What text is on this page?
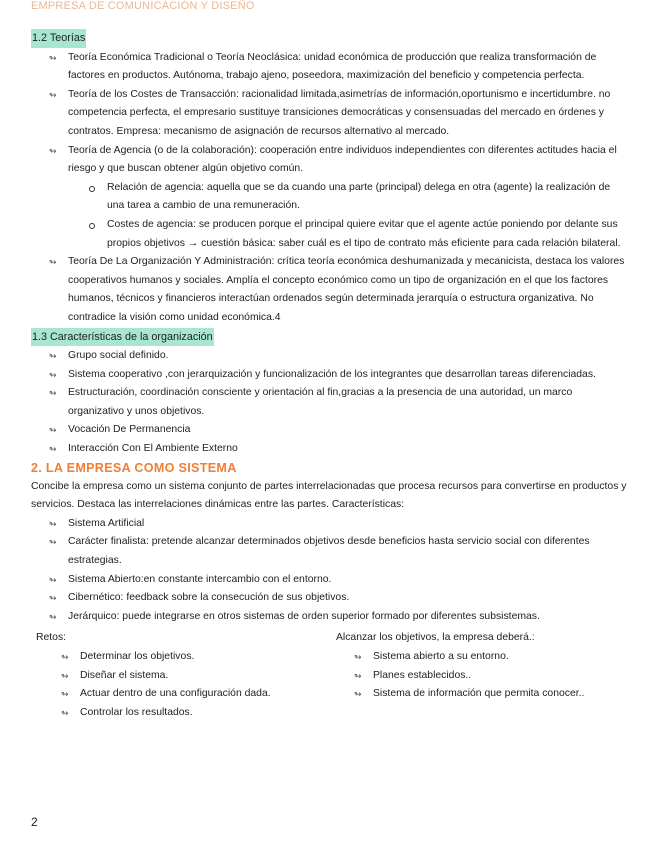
EMPRESA DE COMUNICACIÓN Y DISEÑO
1.2 Teorías
↬ Teoría Económica Tradicional o Teoría Neoclásica: unidad económica de producción que realiza transformación de factores en productos. Autónoma, trabajo ajeno, poseedora, maximización del beneficio y competencia perfecta.
↬ Teoría de los Costes de Transacción: racionalidad limitada,asimetrías de información,oportunismo e incertidumbre. no competencia perfecta, el empresario sustituye transiciones democráticas y consensuadas del mercado en órdenes y contratos. Empresa: mecanismo de asignación de recursos alternativo al mercado.
↬ Teoría de Agencia (o de la colaboración): cooperación entre individuos independientes con diferentes actitudes hacia el riesgo y que buscan obtener algún objetivo común.
Relación de agencia: aquella que se da cuando una parte (principal) delega en otra (agente) la realización de una tarea a cambio de una remuneración.
Costes de agencia: se producen porque el principal quiere evitar que el agente actúe poniendo por delante sus propios objetivos → cuestión básica: saber cuál es el tipo de contrato más eficiente para cada relación bilateral.
↬ Teoría De La Organización Y Administración: crítica teoría económica deshumanizada y mecanicista, destaca los valores cooperativos humanos y sociales. Amplía el concepto económico como un tipo de organización en el que los factores humanos, técnicos y financieros interactúan ordenados según determinada jerarquía o estructura organizativa. No contradice la visión como unidad económica.4
1.3 Características de la organización
↬ Grupo social definido.
↬ Sistema cooperativo ,con jerarquización y funcionalización de los integrantes que desarrollan tareas diferenciadas.
↬ Estructuración, coordinación consciente y orientación al fin,gracias a la presencia de una autoridad, un marco organizativo y unos objetivos.
↬ Vocación De Permanencia
↬ Interacción Con El Ambiente Externo
2. LA EMPRESA COMO SISTEMA

Concibe la empresa como un sistema conjunto de partes interrelacionadas que procesa recursos para convertirse en productos y servicios. Destaca las interrelaciones dinámicas entre las partes. Características:

↬ Sistema Artificial
↬ Carácter finalista: pretende alcanzar determinados objetivos desde beneficios hasta servicio social con diferentes estrategias.
↬ Sistema Abierto:en constante intercambio con el entorno.
↬ Cibernético: feedback sobre la consecución de sus objetivos.
↬ Jerárquico: puede integrarse en otros sistemas de orden superior formado por diferentes subsistemas.
Retos:
↬ Determinar los objetivos.
↬ Diseñar el sistema.
↬ Actuar dentro de una configuración dada.
↬ Controlar los resultados.
Alcanzar los objetivos, la empresa deberá.:
↬ Sistema abierto a su entorno.
↬ Planes establecidos..
↬ Sistema de información que permita conocer..
2
